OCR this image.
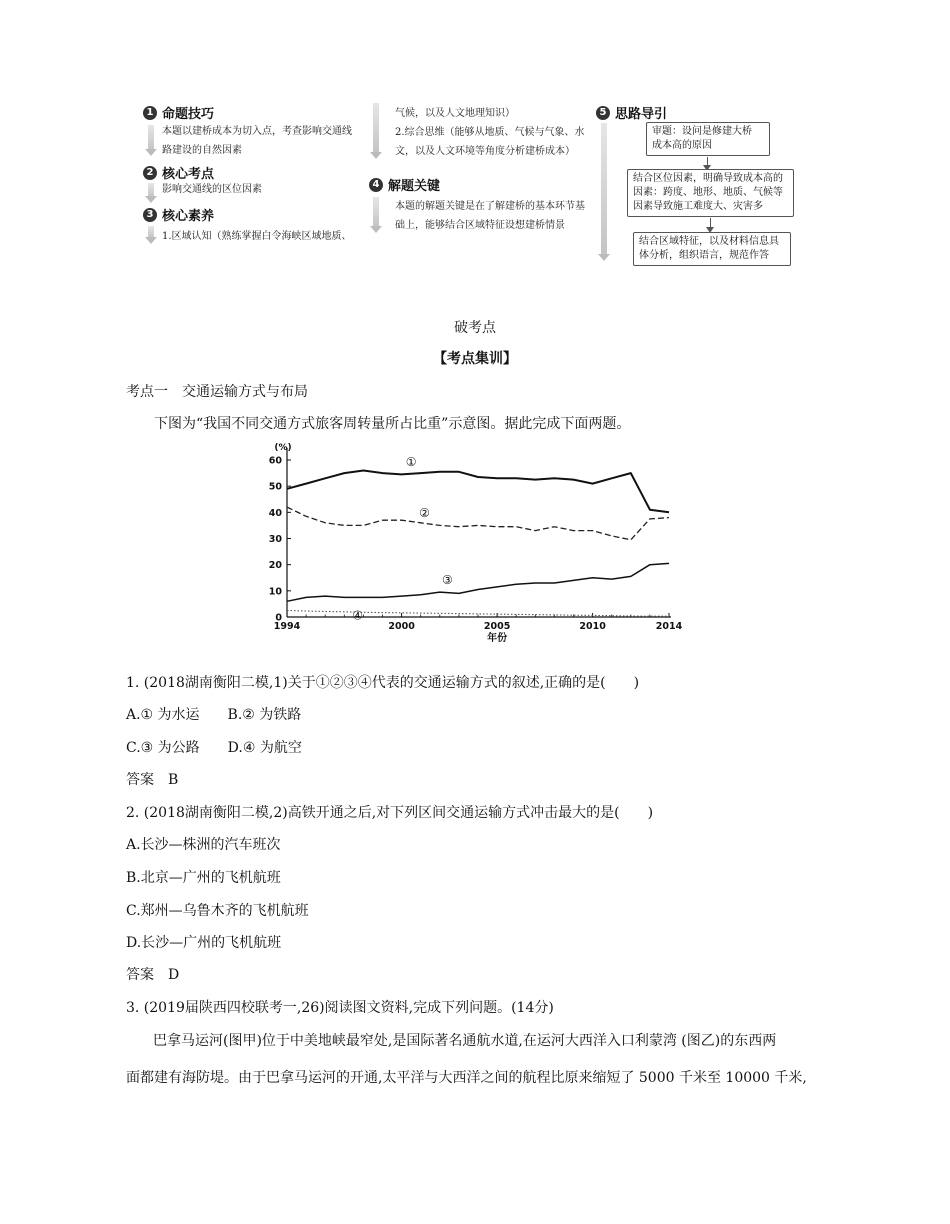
1 命题技巧
本题以建桥成本为切入点，考查影响交通线
路建设的自然因素
2 核心考点
影响交通线的区位因素
3 核心素养
1.区域认知（熟练掌握白令海峡区域地质、
气候，以及人文地理知识）
2.综合思维（能够从地质、气候与气象、水
文，以及人文环境等角度分析建桥成本）
4 解题关键
本题的解题关键是在了解建桥的基本环节基
础上，能够结合区域特征设想建桥情景
5 思路导引
审题：设问是修建大桥
成本高的原因
结合区位因素，明确导致成本高的
因素：跨度、地形、地质、气候等
因素导致施工难度大、灾害多
结合区域特征，以及材料信息具
体分析，组织语言，规范作答
破考点
【考点集训】
考点一　交通运输方式与布局
下图为“我国不同交通方式旅客周转量所占比重”示意图。据此完成下面两题。
0
10
20
30
40
50
60
1994	2000	2005	2010	2014
(%)
年份
①
②
③
④
1. (2018湖南衡阳二模,1)关于①②③④代表的交通运输方式的叙述,正确的是(　　)
A.① 为水运　　B.② 为铁路
C.③ 为公路　　D.④ 为航空
答案　B
2. (2018湖南衡阳二模,2)高铁开通之后,对下列区间交通运输方式冲击最大的是(　　)
A.长沙—株洲的汽车班次
B.北京—广州的飞机航班
C.郑州—乌鲁木齐的飞机航班
D.长沙—广州的飞机航班
答案　D
3. (2019届陕西四校联考一,26)阅读图文资料,完成下列问题。(14分)
巴拿马运河(图甲)位于中美地峡最窄处,是国际著名通航水道,在运河大西洋入口利蒙湾 (图乙)的东西两
面都建有海防堤。由于巴拿马运河的开通,太平洋与大西洋之间的航程比原来缩短了 5000 千米至 10000 千米,
